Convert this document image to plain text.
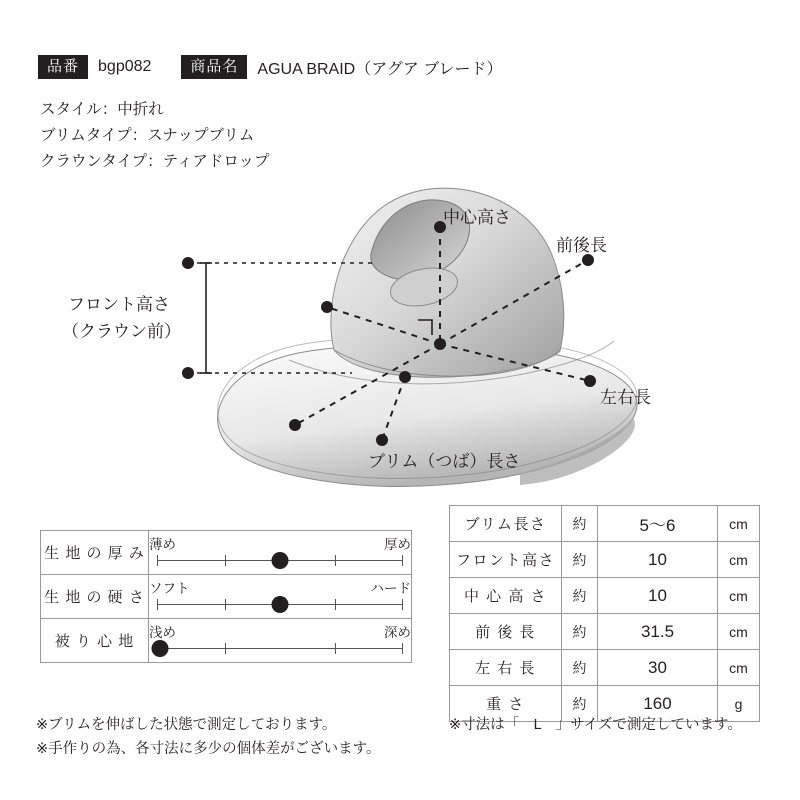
品番	bgp082	商品名	AGUA BRAID（アグア ブレード）
スタイル：中折れ
ブリムタイプ：スナップブリム
クラウンタイプ：ティアドロップ
中心高さ
前後長
左右長
フロント高さ
（クラウン前）
ブリム（つば）長さ
生 地 の 厚 み	薄め 厚め

生 地 の 硬 さ	ソフト ハード

被 り 心 地	浅め 深め
ブリム長さ	約	5〜6	cm
フロント高さ	約	10	cm
中 心 高 さ	約	10	cm
前 後 長	約	31.5	cm
左 右 長	約	30	cm
重 さ	約	160	g
※ブリムを伸ばした状態で測定しております。
※手作りの為、各寸法に多少の個体差がございます。
※寸法は「　L　」サイズで測定しています。
